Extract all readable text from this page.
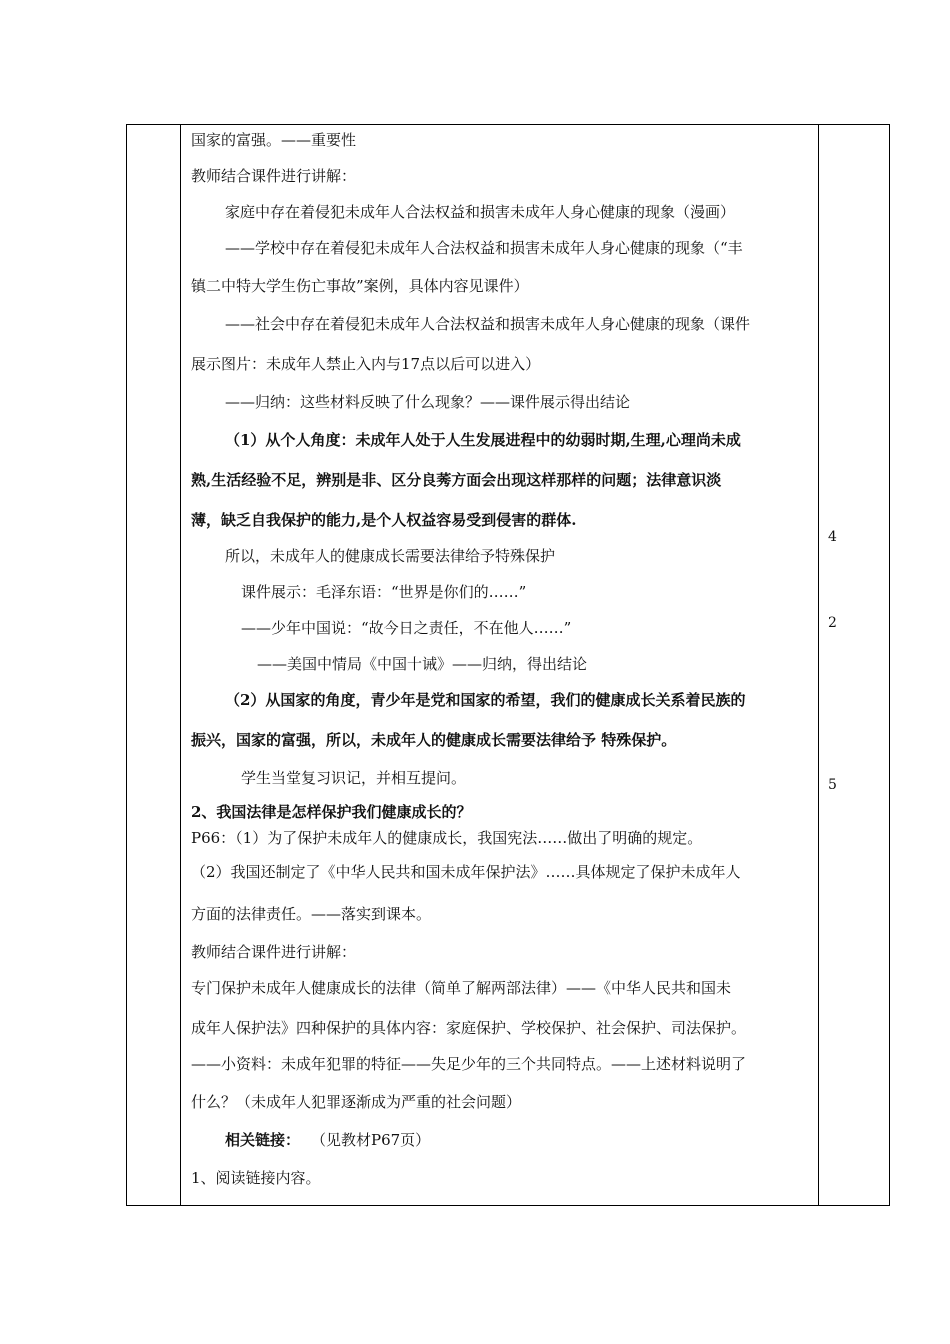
国家的富强。——重要性
教师结合课件进行讲解：
家庭中存在着侵犯未成年人合法权益和损害未成年人身心健康的现象（漫画）
——学校中存在着侵犯未成年人合法权益和损害未成年人身心健康的现象（“丰
镇二中特大学生伤亡事故”案例，具体内容见课件）
——社会中存在着侵犯未成年人合法权益和损害未成年人身心健康的现象（课件
展示图片：未成年人禁止入内与17点以后可以进入）
——归纳：这些材料反映了什么现象？——课件展示得出结论
（1）从个人角度：未成年人处于人生发展进程中的幼弱时期,生理,心理尚未成
熟,生活经验不足，辨别是非、区分良莠方面会出现这样那样的问题；法律意识淡
薄，缺乏自我保护的能力,是个人权益容易受到侵害的群体.
所以，未成年人的健康成长需要法律给予特殊保护
课件展示：毛泽东语：“世界是你们的……”
——少年中国说：“故今日之责任，不在他人……”
——美国中情局《中国十诫》——归纳，得出结论
（2）从国家的角度，青少年是党和国家的希望，我们的健康成长关系着民族的
振兴，国家的富强，所以，未成年人的健康成长需要法律给予 特殊保护。
学生当堂复习识记，并相互提问。
2、我国法律是怎样保护我们健康成长的？
P66：（1）为了保护未成年人的健康成长，我国宪法……做出了明确的规定。
（2）我国还制定了《中华人民共和国未成年保护法》……具体规定了保护未成年人
方面的法律责任。——落实到课本。
教师结合课件进行讲解：
专门保护未成年人健康成长的法律（简单了解两部法律）——《中华人民共和国未
成年人保护法》四种保护的具体内容：家庭保护、学校保护、社会保护、司法保护。
——小资料：未成年犯罪的特征——失足少年的三个共同特点。——上述材料说明了
什么？（未成年人犯罪逐渐成为严重的社会问题）
相关链接： （见教材P67页）
1、阅读链接内容。
4
2
5
